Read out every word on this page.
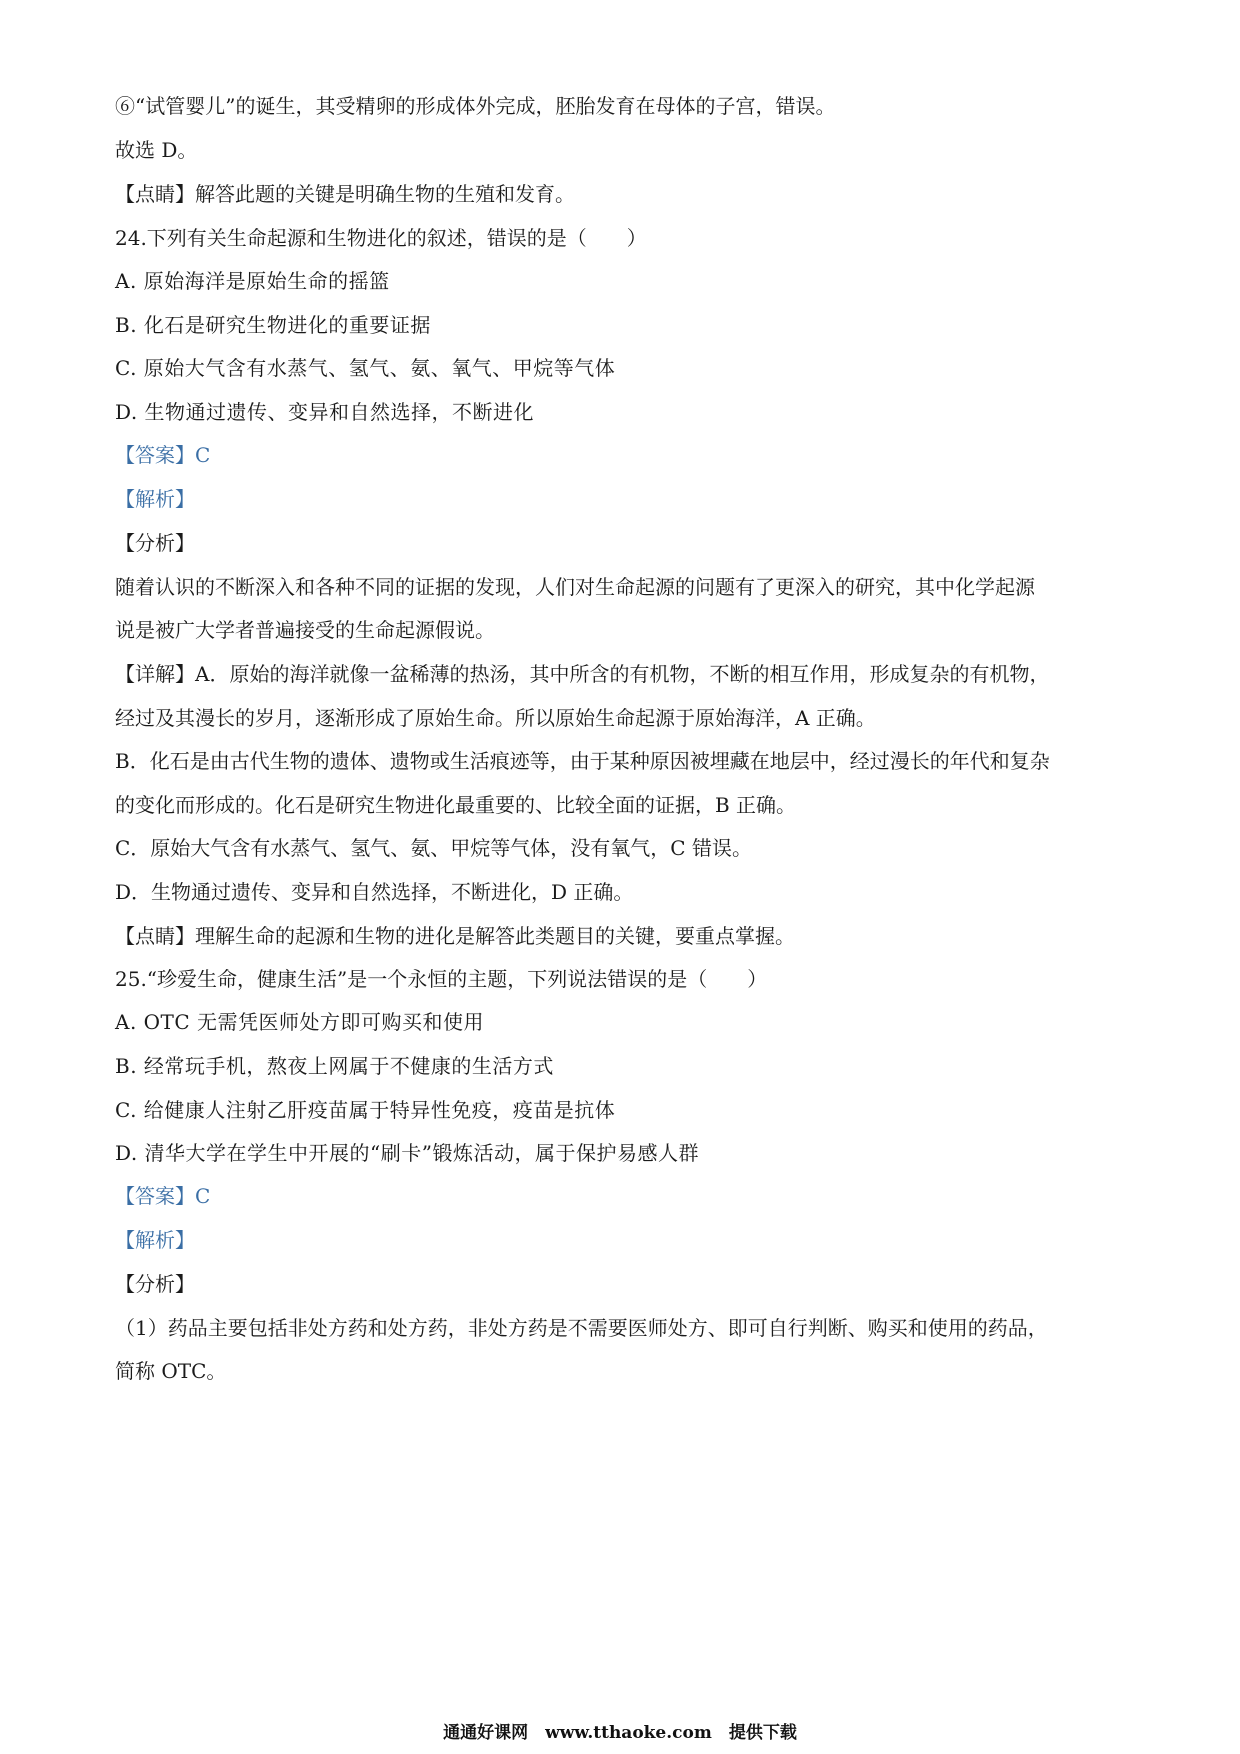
⑥“试管婴儿”的诞生，其受精卵的形成体外完成，胚胎发育在母体的子宫，错误。
故选 D。
【点睛】解答此题的关键是明确生物的生殖和发育。
24.下列有关生命起源和生物进化的叙述，错误的是（　　）
A. 原始海洋是原始生命的摇篮
B. 化石是研究生物进化的重要证据
C. 原始大气含有水蒸气、氢气、氨、氧气、甲烷等气体
D. 生物通过遗传、变异和自然选择，不断进化
【答案】C
【解析】
【分析】
随着认识的不断深入和各种不同的证据的发现，人们对生命起源的问题有了更深入的研究，其中化学起源
说是被广大学者普遍接受的生命起源假说。
【详解】A．原始的海洋就像一盆稀薄的热汤，其中所含的有机物，不断的相互作用，形成复杂的有机物，
经过及其漫长的岁月，逐渐形成了原始生命。所以原始生命起源于原始海洋，A 正确。
B．化石是由古代生物的遗体、遗物或生活痕迹等，由于某种原因被埋藏在地层中，经过漫长的年代和复杂
的变化而形成的。化石是研究生物进化最重要的、比较全面的证据，B 正确。
C．原始大气含有水蒸气、氢气、氨、甲烷等气体，没有氧气，C 错误。
D．生物通过遗传、变异和自然选择，不断进化，D 正确。
【点睛】理解生命的起源和生物的进化是解答此类题目的关键，要重点掌握。
25.“珍爱生命，健康生活”是一个永恒的主题，下列说法错误的是（　　）
A. OTC 无需凭医师处方即可购买和使用
B. 经常玩手机，熬夜上网属于不健康的生活方式
C. 给健康人注射乙肝疫苗属于特异性免疫，疫苗是抗体
D. 清华大学在学生中开展的“刷卡”锻炼活动，属于保护易感人群
【答案】C
【解析】
【分析】
（1）药品主要包括非处方药和处方药，非处方药是不需要医师处方、即可自行判断、购买和使用的药品，
简称 OTC。
通通好课网　www.tthaoke.com　提供下载
